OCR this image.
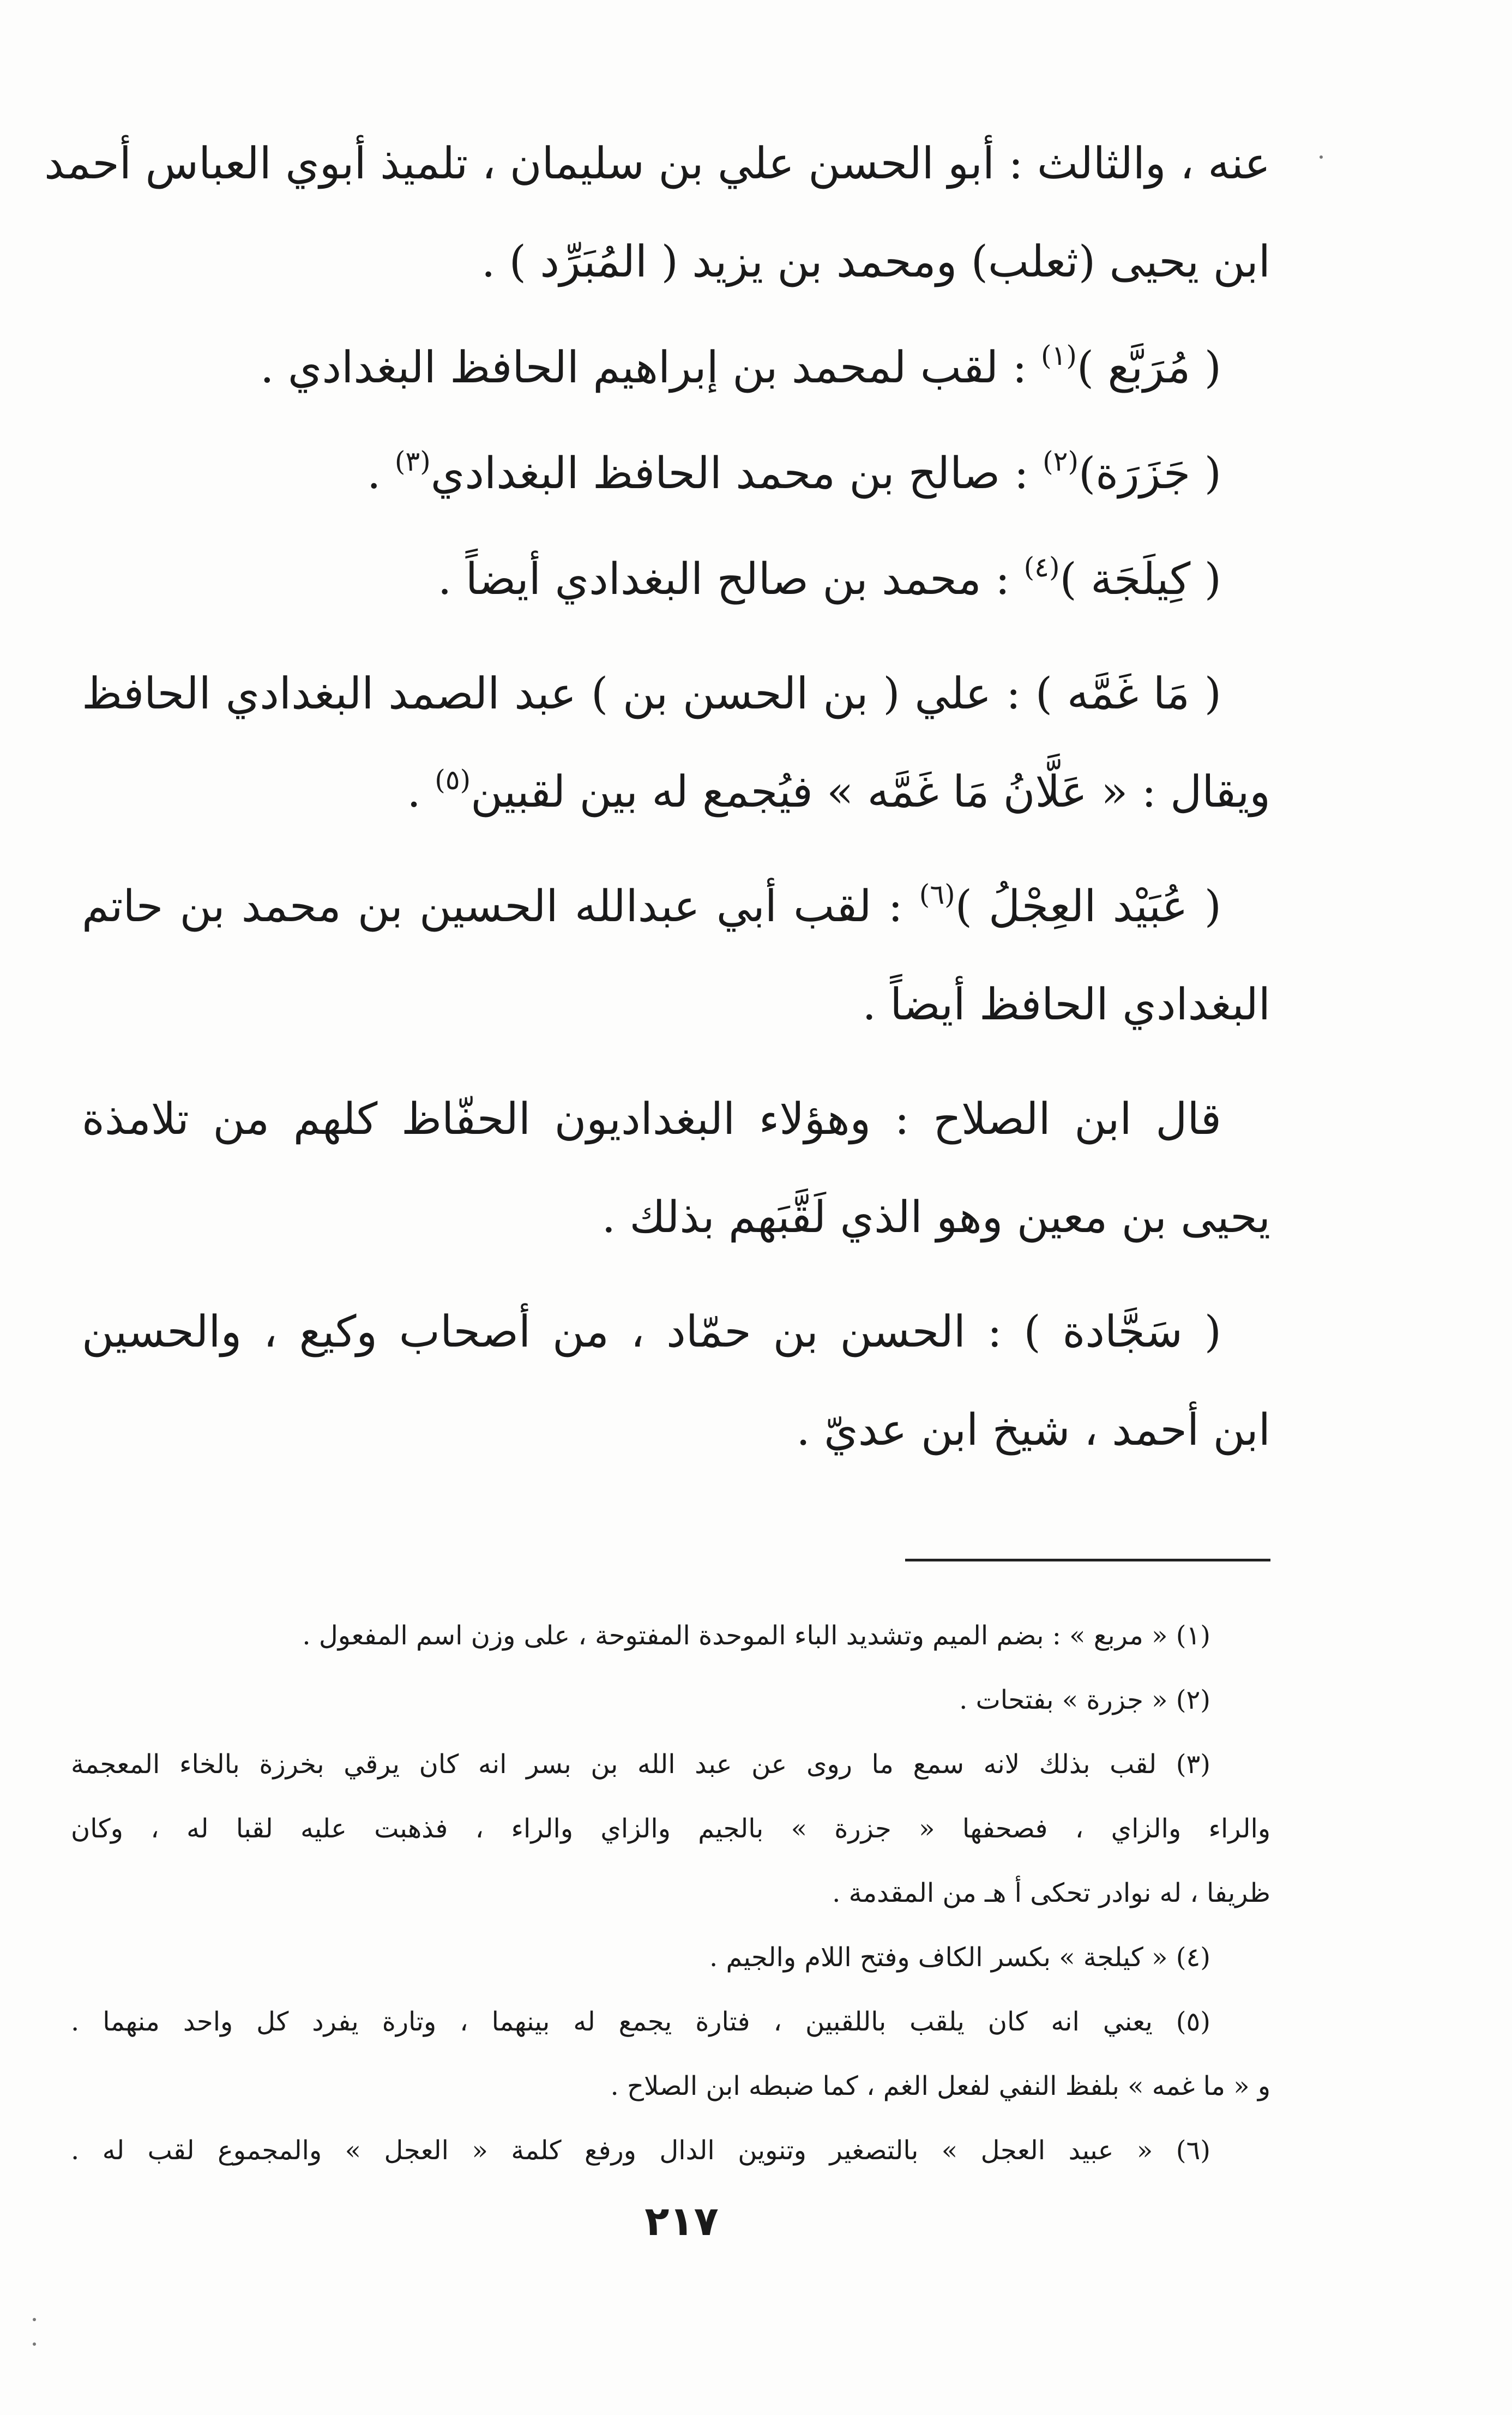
عنه ، والثالث : أبو الحسن علي بن سليمان ، تلميذ أبوي العباس أحمد
ابن يحيى (ثعلب) ومحمد بن يزيد ( المُبَرِّد ) .
( مُرَبَّع )$^{(١)}$ : لقب لمحمد بن إبراهيم الحافظ البغدادي .
( جَزَرَة)$^{(٢)}$ : صالح بن محمد الحافظ البغدادي$^{(٣)}$ .
( كِيلَجَة )$^{(٤)}$ : محمد بن صالح البغدادي أيضاً .
( مَا غَمَّه ) : علي ( بن الحسن بن ) عبد الصمد البغدادي الحافظ
ويقال : « عَلَّانُ مَا غَمَّه » فيُجمع له بين لقبين$^{(٥)}$ .
( عُبَيْد العِجْلُ )$^{(٦)}$ : لقب أبي عبدالله الحسين بن محمد بن حاتم
البغدادي الحافظ أيضاً .
قال ابن الصلاح : وهؤلاء البغداديون الحفّاظ كلهم من تلامذة
يحيى بن معين وهو الذي لَقَّبَهم بذلك .
( سَجَّادة ) : الحسن بن حمّاد ، من أصحاب وكيع ، والحسين
ابن أحمد ، شيخ ابن عديّ .
(١) « مربع » : بضم الميم وتشديد الباء الموحدة المفتوحة ، على وزن اسم المفعول .
(٢) « جزرة » بفتحات .
(٣) لقب بذلك لانه سمع ما روى عن عبد الله بن بسر انه كان يرقي بخرزة بالخاء المعجمة
والراء والزاي ، فصحفها « جزرة » بالجيم والزاي والراء ، فذهبت عليه لقبا له ، وكان
ظريفا ، له نوادر تحكى أ هـ من المقدمة .
(٤) « كيلجة » بكسر الكاف وفتح اللام والجيم .
(٥) يعني انه كان يلقب باللقبين ، فتارة يجمع له بينهما ، وتارة يفرد كل واحد منهما .
و « ما غمه » بلفظ النفي لفعل الغم ، كما ضبطه ابن الصلاح .
(٦) « عبيد العجل » بالتصغير وتنوين الدال ورفع كلمة « العجل » والمجموع لقب له .
٢١٧
